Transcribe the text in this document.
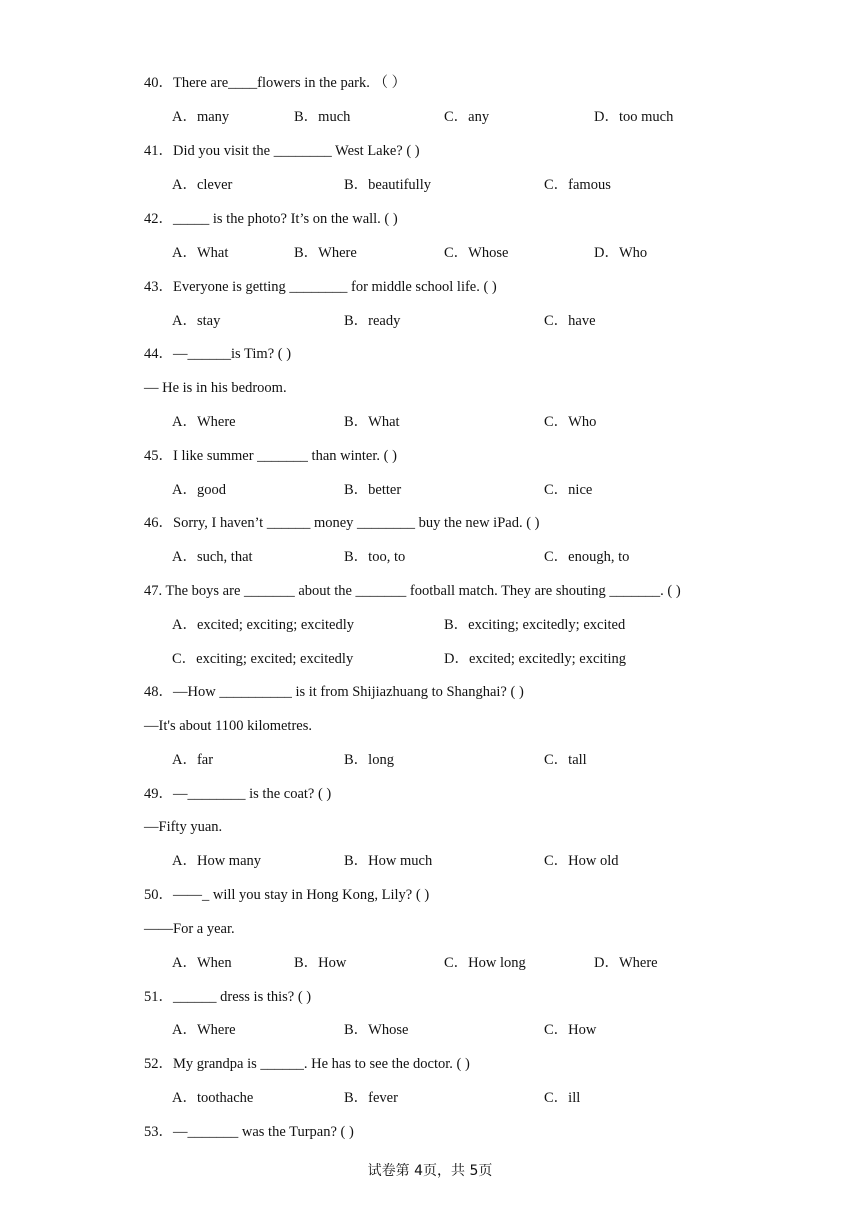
40．There are____flowers in the park. （ ）
A．many	B．much	C．any	D．too much
41．Did you visit the ________ West Lake? ( )
A．clever	B．beautifully	C．famous
42．_____ is the photo? It’s on the wall. ( )
A．What	B．Where	C．Whose	D．Who
43．Everyone is getting ________ for middle school life. ( )
A．stay	B．ready	C．have
44．—______is Tim? ( )
— He is in his bedroom.
A．Where	B．What	C．Who
45．I like summer _______ than winter. ( )
A．good	B．better	C．nice
46．Sorry, I haven’t ______ money ________ buy the new iPad. ( )
A．such, that	B．too, to	C．enough, to
47. The boys are _______ about the _______ football match. They are shouting _______. ( )
A．excited; exciting; excitedly	B．exciting; excitedly; excited
C．exciting; excited; excitedly	D．excited; excitedly; exciting
48．—How __________ is it from Shijiazhuang to Shanghai? ( )
—It's about 1100 kilometres.
A．far	B．long	C．tall
49．—________ is the coat? ( )
—Fifty yuan.
A．How many	B．How much	C．How old
50．——_ will you stay in Hong Kong, Lily? ( )
——For a year.
A．When	B．How	C．How long	D．Where
51．______ dress is this? ( )
A．Where	B．Whose	C．How
52．My grandpa is ______. He has to see the doctor. ( )
A．toothache	B．fever	C．ill
53．—_______ was the Turpan? ( )
试卷第 4页，共 5页
